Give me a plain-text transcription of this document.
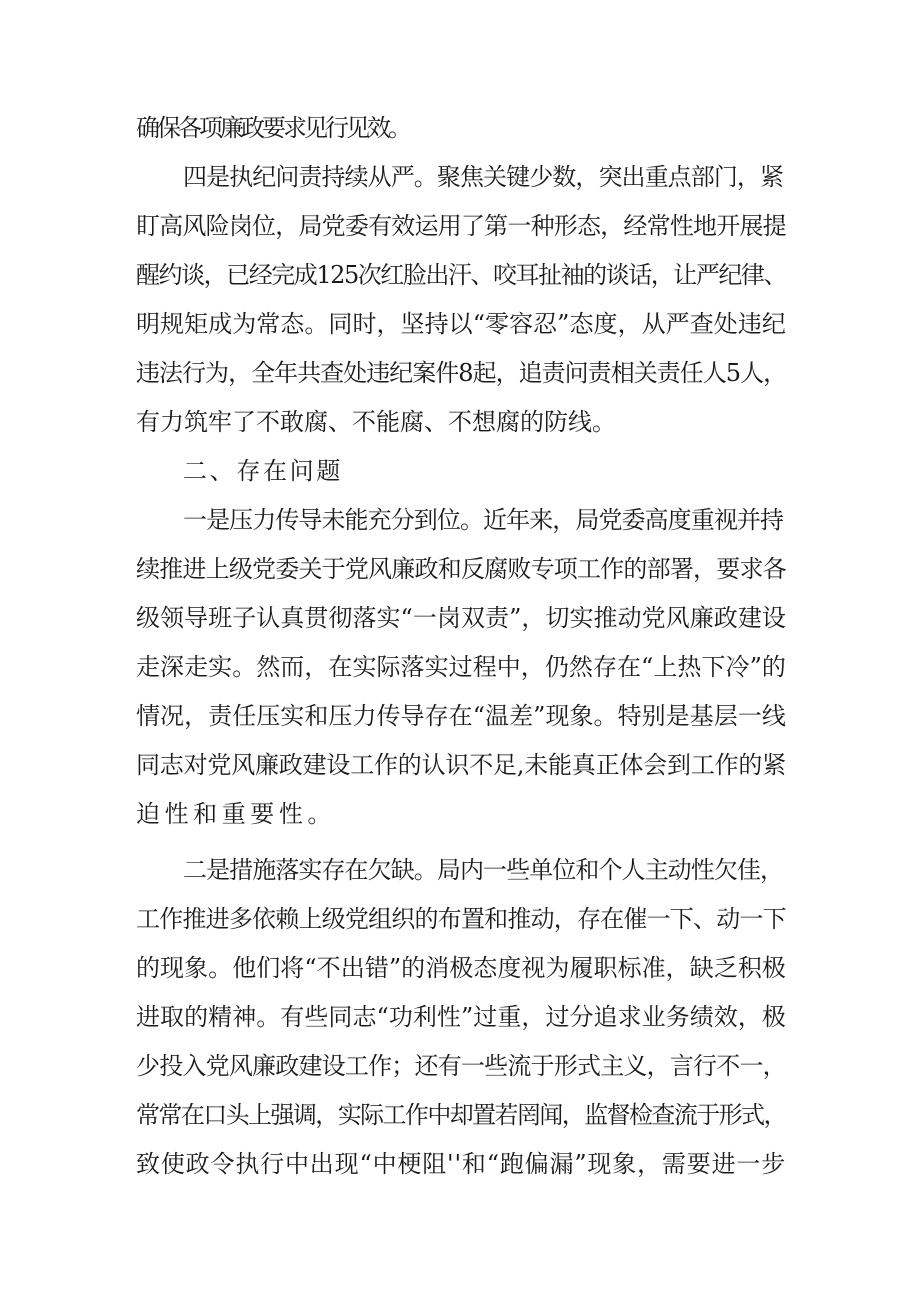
确保各项廉政要求见行见效。
四是执纪问责持续从严。聚焦关键少数，突出重点部门，紧
盯高风险岗位，局党委有效运用了第一种形态，经常性地开展提
醒约谈，已经完成125次红脸出汗、咬耳扯袖的谈话，让严纪律、
明规矩成为常态。同时，坚持以“零容忍”态度，从严查处违纪
违法行为，全年共查处违纪案件8起，追责问责相关责任人5人，
有力筑牢了不敢腐、不能腐、不想腐的防线。
二、存在问题
一是压力传导未能充分到位。近年来，局党委高度重视并持
续推进上级党委关于党风廉政和反腐败专项工作的部署，要求各
级领导班子认真贯彻落实“一岗双责”，切实推动党风廉政建设
走深走实。然而，在实际落实过程中，仍然存在“上热下冷”的
情况，责任压实和压力传导存在“温差”现象。特别是基层一线
同志对党风廉政建设工作的认识不足,未能真正体会到工作的紧
迫性和重要性。
二是措施落实存在欠缺。局内一些单位和个人主动性欠佳，
工作推进多依赖上级党组织的布置和推动，存在催一下、动一下
的现象。他们将“不出错”的消极态度视为履职标准，缺乏积极
进取的精神。有些同志“功利性”过重，过分追求业务绩效，极
少投入党风廉政建设工作；还有一些流于形式主义，言行不一，
常常在口头上强调，实际工作中却置若罔闻，监督检查流于形式，
致使政令执行中出现“中梗阻''和“跑偏漏”现象，需要进一步
